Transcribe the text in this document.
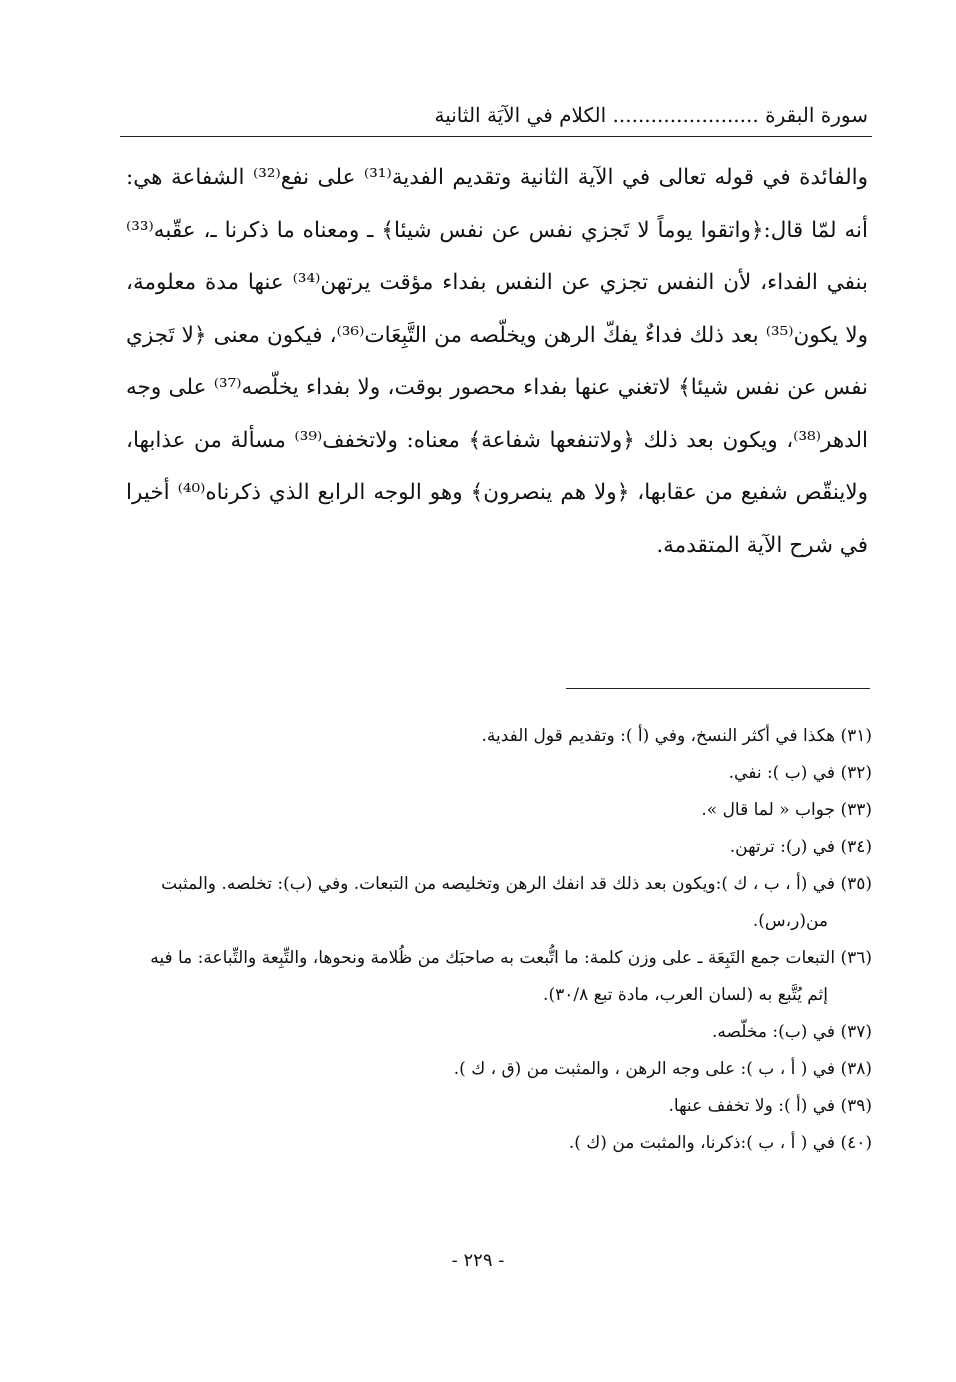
سورة البقرة ....................... الكلام في الآيَة الثانية

والفائدة في قوله تعالى في الآية الثانية وتقديم الفدية⁽³¹⁾ على نفع⁽³²⁾ الشفاعة هي: أنه لمّا قال:﴿واتقوا يوماً لا تَجزي نفس عن نفس شيئا﴾ ـ ومعناه ما ذكرنا ـ، عقّبه⁽³³⁾بنفي الفداء، لأن النفس تجزي عن النفس بفداء مؤقت يرتهن⁽³⁴⁾ عنها مدة معلومة، ولا يكون⁽³⁵⁾ بعد ذلك فداءٌ يفكّ الرهن ويخلّصه من التَّبِعَات⁽³⁶⁾، فيكون معنى ﴿لا تَجزي نفس عن نفس شيئا﴾ لاتغني عنها بفداء محصور بوقت، ولا بفداء يخلّصه⁽³⁷⁾ على وجه الدهر⁽³⁸⁾، ويكون بعد ذلك ﴿ولاتنفعها شفاعة﴾ معناه: ولاتخفف⁽³⁹⁾ مسألة من عذابها، ولاينقّص شفيع من عقابها، ﴿ولا هم ينصرون﴾ وهو الوجه الرابع الذي ذكرناه⁽⁴⁰⁾ أخيرا في شرح الآية المتقدمة.

(٣١) هكذا في أكثر النسخ، وفي (أ ): وتقديم قول الفدية.

(٣٢) في (ب ): نفي.

(٣٣) جواب « لما قال ».

(٣٤) في (ر): ترتهن.

(٣٥) في (أ ، ب ، ك ):ويكون بعد ذلك قد انفك الرهن وتخليصه من التبعات. وفي (ب): تخلصه. والمثبت من(ر،س).

(٣٦) التبعات جمع التَبِعَة ـ على وزن كلمة: ما اتُّبعت به صاحبَك من ظُلامة ونحوها، والتِّبِعة والتِّباعة: ما فيه إثم يُتَّبع به (لسان العرب، مادة تبع ٣٠/٨).

(٣٧) في (ب): مخلّصه.

(٣٨) في ( أ ، ب ): على وجه الرهن ، والمثبت من (ق ، ك ).

(٣٩) في (أ ): ولا تخفف عنها.

(٤٠) في ( أ ، ب ):ذكرنا، والمثبت من (ك ).

- ٢٢٩ -
